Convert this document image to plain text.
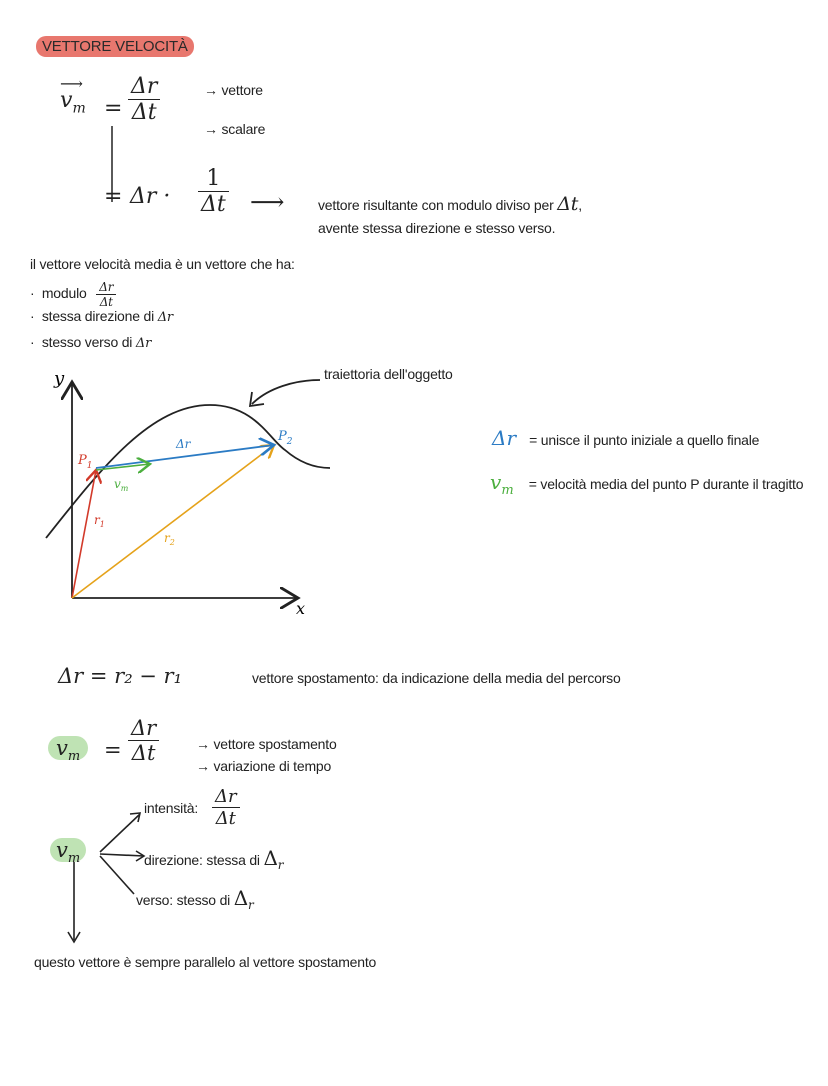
VETTORE VELOCITÀ
⟶
$v_m = \frac{\Delta r}{\Delta t}$	→ vettore
→ scalare
= $\Delta r \cdot \frac{1}{\Delta t}$ ⟶ vettore risultante con modulo diviso per Δt,
avente stessa direzione e stesso verso.
il vettore velocità media è un vettore che ha:
·  modulo $\frac{\Delta r}{\Delta t}$
·  stessa direzione di Δr
·  stesso verso di Δr
y
x
$P_1$
$P_2$
Δr
$v_m$
$r_1$
$r_2$
traiettoria dell'oggetto
Δr = unisce il punto iniziale a quello finale
$v_m$ = velocità media del punto P durante il tragitto
Δr = r₂ − r₁	vettore spostamento: da indicazione della media del percorso
$v_m$	= $\frac{\Delta r}{\Delta t}$	→ vettore spostamento
→ variazione di tempo
$v_m$
intensità: $\frac{\Delta r}{\Delta t}$
direzione: stessa di $\Delta_r$
verso: stesso di $\Delta_r$
questo vettore è sempre parallelo al vettore spostamento
